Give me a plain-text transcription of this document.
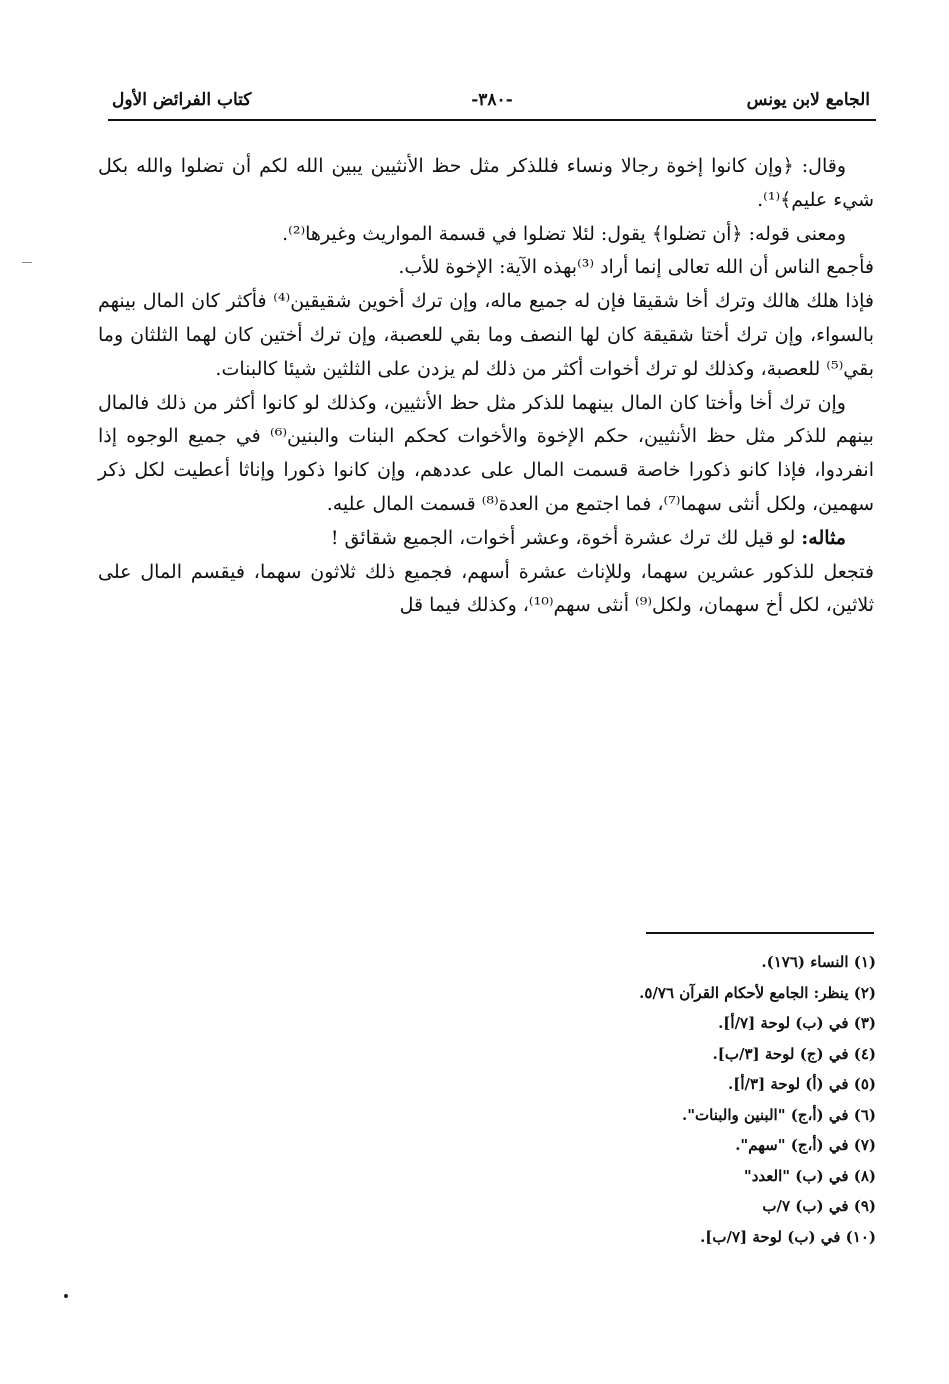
الجامع لابن يونس
-٣٨٠-
كتاب الفرائض الأول

وقال: ﴿وإن كانوا إخوة رجالا ونساء فللذكر مثل حظ الأنثيين يبين الله لكم أن تضلوا والله بكل شيء عليم﴾⁽¹⁾.

ومعنى قوله: ﴿أن تضلوا﴾ يقول: لئلا تضلوا في قسمة المواريث وغيرها⁽²⁾.

فأجمع الناس أن الله تعالى إنما أراد ⁽³⁾بهذه الآية: الإخوة للأب.

فإذا هلك هالك وترك أخا شقيقا فإن له جميع ماله، وإن ترك أخوين شقيقين⁽⁴⁾ فأكثر كان المال بينهم بالسواء، وإن ترك أختا شقيقة كان لها النصف وما بقي للعصبة، وإن ترك أختين كان لهما الثلثان وما بقي⁽⁵⁾ للعصبة، وكذلك لو ترك أخوات أكثر من ذلك لم يزدن على الثلثين شيئا كالبنات.

وإن ترك أخا وأختا كان المال بينهما للذكر مثل حظ الأنثيين، وكذلك لو كانوا أكثر من ذلك فالمال بينهم للذكر مثل حظ الأنثيين، حكم الإخوة والأخوات كحكم البنات والبنين⁽⁶⁾ في جميع الوجوه إذا انفردوا، فإذا كانو ذكورا خاصة قسمت المال على عددهم، وإن كانوا ذكورا وإناثا أعطيت لكل ذكر سهمين، ولكل أنثى سهما⁽⁷⁾، فما اجتمع من العدة⁽⁸⁾ قسمت المال عليه.

مثاله: لو قيل لك ترك عشرة أخوة، وعشر أخوات، الجميع شقائق !

فتجعل للذكور عشرين سهما، وللإناث عشرة أسهم، فجميع ذلك ثلاثون سهما، فيقسم المال على ثلاثين، لكل أخ سهمان، ولكل⁽⁹⁾ أنثى سهم⁽¹⁰⁾، وكذلك فيما قل

(١) النساء (١٧٦).
(٢) ينظر: الجامع لأحكام القرآن ٥/٧٦.
(٣) في (ب) لوحة [٧/أ].
(٤) في (ج) لوحة [٣/ب].
(٥) في (أ) لوحة [٣/أ].
(٦) في (أ،ج) "البنين والبنات".
(٧) في (أ،ج) "سهم".
(٨) في (ب) "العدد"
(٩) في (ب) ٧/ب
(١٠) في (ب) لوحة [٧/ب].
